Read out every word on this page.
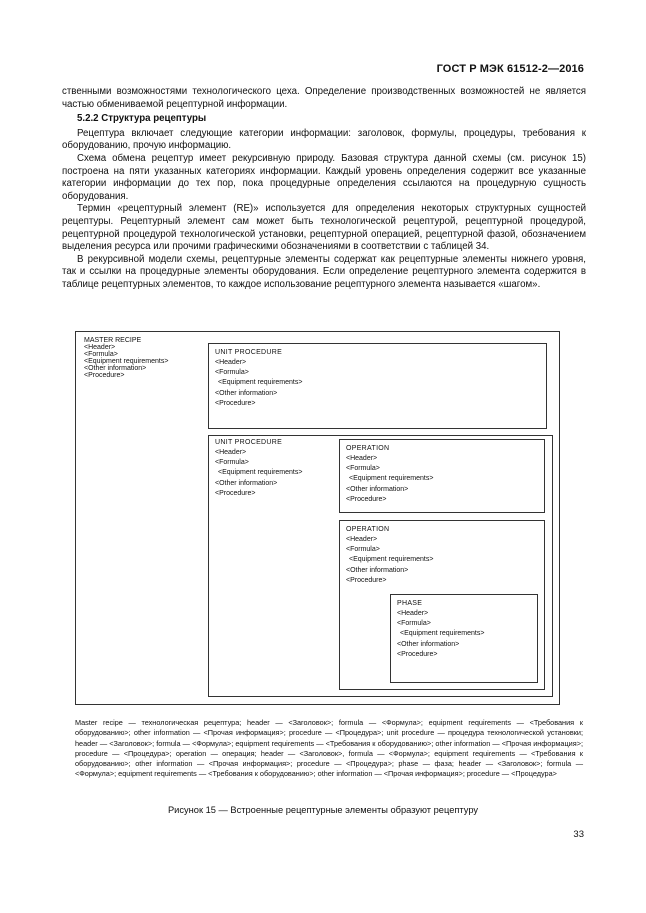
ГОСТ Р МЭК 61512-2—2016

ственными возможностями технологического цеха. Определение производственных возможностей не является частью обмениваемой рецептурной информации.

5.2.2 Структура рецептуры

Рецептура включает следующие категории информации: заголовок, формулы, процедуры, требования к оборудованию, прочую информацию.

Схема обмена рецептур имеет рекурсивную природу. Базовая структура данной схемы (см. рисунок 15) построена на пяти указанных категориях информации. Каждый уровень определения содержит все указанные категории информации до тех пор, пока процедурные определения ссылаются на процедурную сущность оборудования.

Термин «рецептурный элемент (RE)» используется для определения некоторых структурных сущностей рецептуры. Рецептурный элемент сам может быть технологической рецептурой, рецептурной процедурой, рецептурной процедурой технологической установки, рецептурной операцией, рецептурной фазой, обозначением выделения ресурса или прочими графическими обозначениями в соответствии с таблицей 34.

В рекурсивной модели схемы, рецептурные элементы содержат как рецептурные элементы нижнего уровня, так и ссылки на процедурные элементы оборудования. Если определение рецептурного элемента содержится в таблице рецептурных элементов, то каждое использование рецептурного элемента называется «шагом».

MASTER RECIPE
<Header>
<Formula>
<Equipment requirements>
<Other information>
<Procedure>
UNIT PROCEDURE
<Header>
<Formula>
<Equipment requirements>
<Other information>
<Procedure>
UNIT PROCEDURE
<Header>
<Formula>
<Equipment requirements>
<Other information>
<Procedure>
OPERATION
<Header>
<Formula>
<Equipment requirements>
<Other information>
<Procedure>
OPERATION
<Header>
<Formula>
<Equipment requirements>
<Other information>
<Procedure>
PHASE
<Header>
<Formula>
<Equipment requirements>
<Other information>
<Procedure>
Master recipe — технологическая рецептура; header — <Заголовок>; formula — <Формула>; equipment requirements — <Требования к оборудованию>; other information — <Прочая информация>; procedure — <Процедура>; unit procedure — процедура технологической установки; header — <Заголовок>; formula — <Формула>; equipment requirements — <Требования к оборудованию>; other information — <Прочая информация>; procedure — <Процедура>; operation — операция; header — <Заголовок>, formula — <Формула>; equipment requirements — <Требования к оборудованию>; other information — <Прочая информация>; procedure — <Процедура>; phase — фаза; header — <Заголовок>; formula — <Формула>; equipment requirements — <Требования к оборудованию>; other information — <Прочая информация>; procedure — <Процедура>
Рисунок 15 — Встроенные рецептурные элементы образуют рецептуру
33
